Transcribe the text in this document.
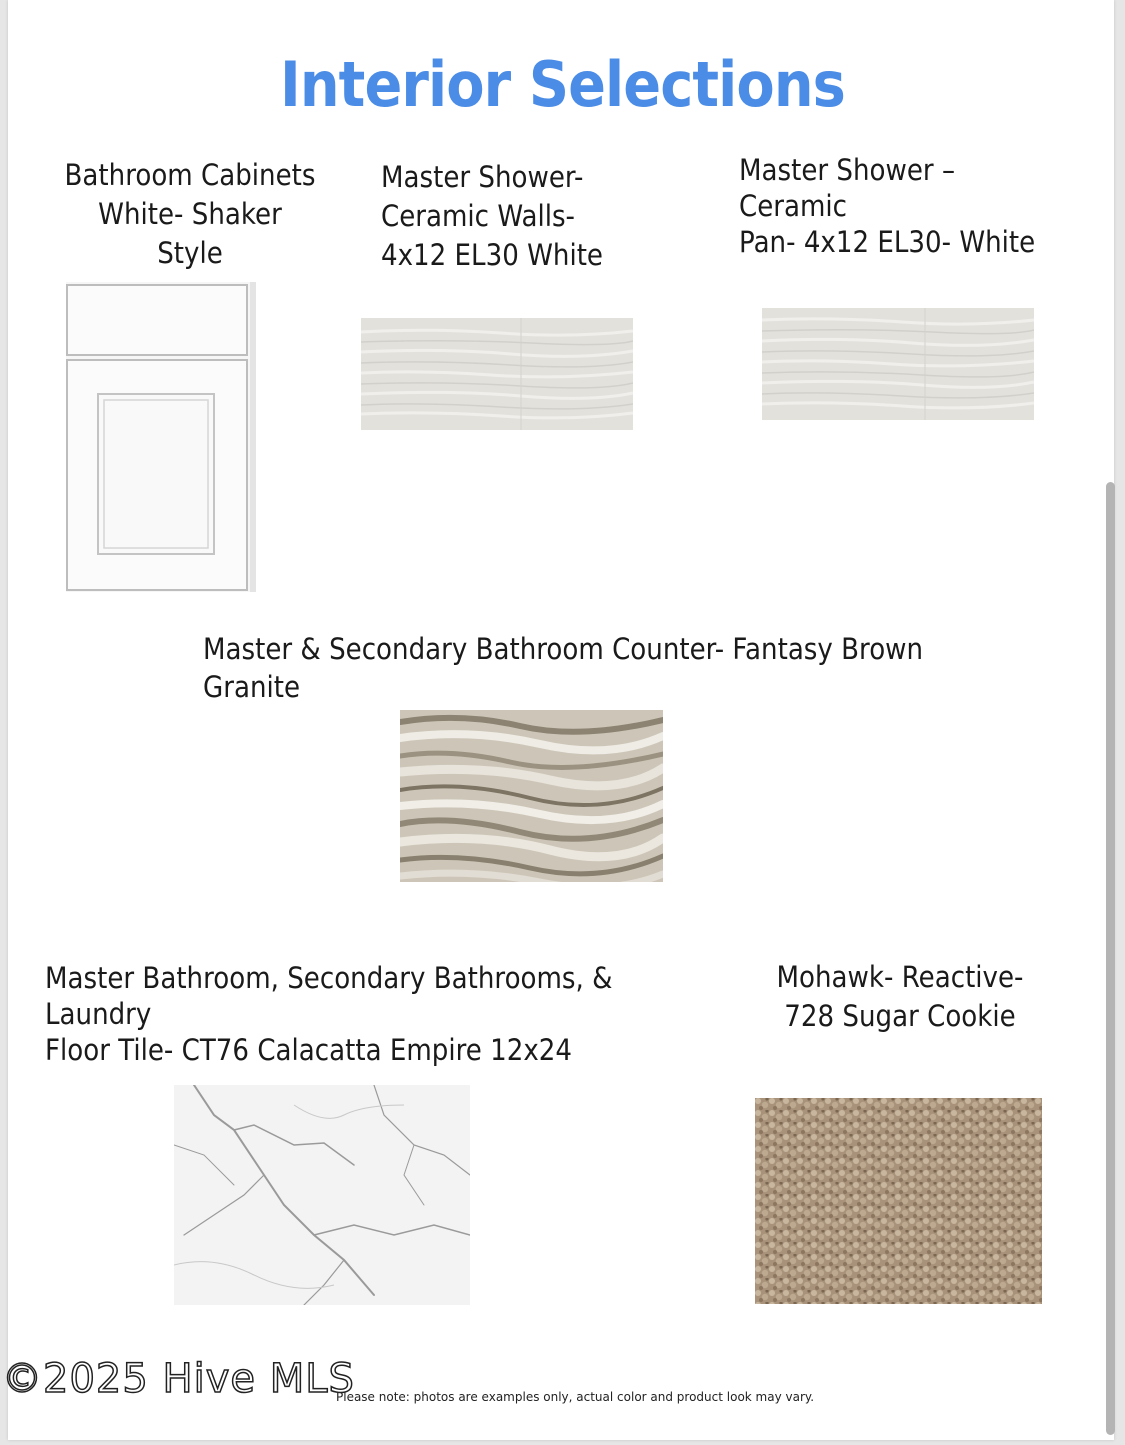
Interior Selections
Bathroom Cabinets
White- Shaker
Style
Master Shower-
Ceramic Walls-
4x12 EL30 White
Master Shower –Ceramic
Pan- 4x12 EL30- White
Master & Secondary Bathroom Counter- Fantasy Brown
Granite
Master Bathroom, Secondary Bathrooms, & Laundry
Floor Tile- CT76 Calacatta Empire 12x24
Mohawk- Reactive-
728 Sugar Cookie
©2025 Hive MLS
Please note: photos are examples only, actual color and product look may vary.
